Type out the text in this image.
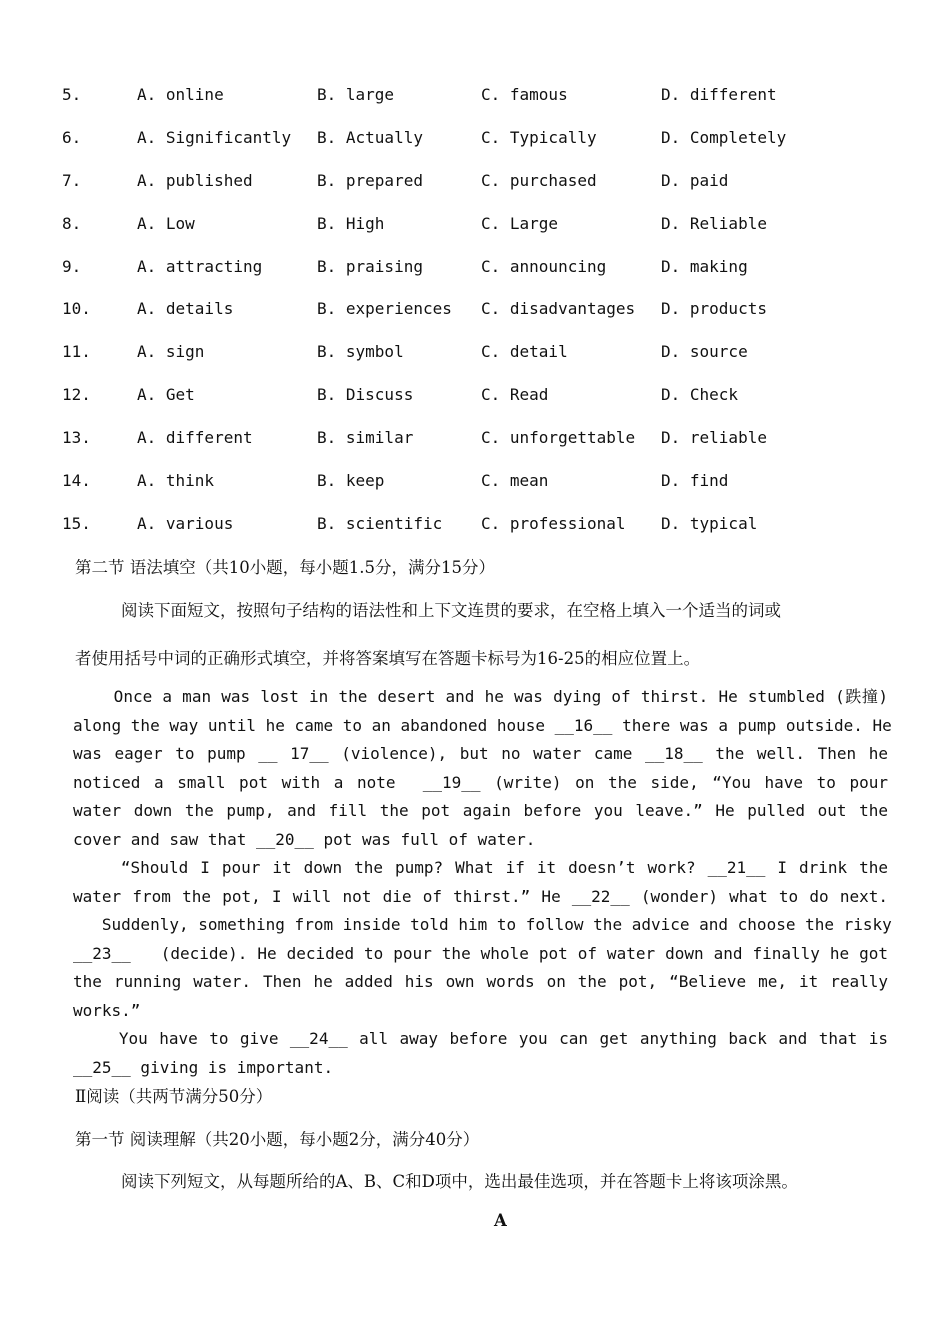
5.	A. online	B. large	C. famous	D. different
6.	A. Significantly B. Actually	C. Typically	D. Completely
7.	A. published	B. prepared	C. purchased	D. paid
8.	A. Low	B. High	C. Large	D. Reliable
9.	A. attracting	B. praising	C. announcing	D. making
10.	A. details	B. experiences C. disadvantages D. products
11.	A. sign	B. symbol	C. detail	D. source
12.	A. Get	B. Discuss	C. Read	D. Check
13.	A. different	B. similar	C. unforgettable D. reliable
14.	A. think	B. keep	C. mean	D. find
15.	A. various	B. scientific C. professional D. typical
第二节 语法填空（共10小题，每小题1.5分，满分15分）
阅读下面短文，按照句子结构的语法性和上下文连贯的要求，在空格上填入一个适当的词或
者使用括号中词的正确形式填空，并将答案填写在答题卡标号为16-25的相应位置上。
Once a man was lost in the desert and he was dying of thirst. He stumbled (跌撞)
along the way until he came to an abandoned house __16__ there was a pump outside. He
was eager to pump __ 17__ (violence), but no water came __18__ the well. Then he
noticed a small pot with a note  __19__ (write) on the side, “You have to pour
water down the pump, and fill the pot again before you leave.” He pulled out the
cover and saw that __20__ pot was full of water.
“Should I pour it down the pump? What if it doesn’t work? __21__ I drink the
water from the pot, I will not die of thirst.” He __22__ (wonder) what to do next.
Suddenly, something from inside told him to follow the advice and choose the risky
__23__   (decide). He decided to pour the whole pot of water down and finally he got
the running water. Then he added his own words on the pot, “Believe me, it really
works.”
You have to give __24__ all away before you can get anything back and that is
__25__ giving is important.
Ⅱ阅读（共两节满分50分）
第一节 阅读理解（共20小题，每小题2分，满分40分）
阅读下列短文，从每题所给的A、B、C和D项中，选出最佳选项，并在答题卡上将该项涂黑。
A
